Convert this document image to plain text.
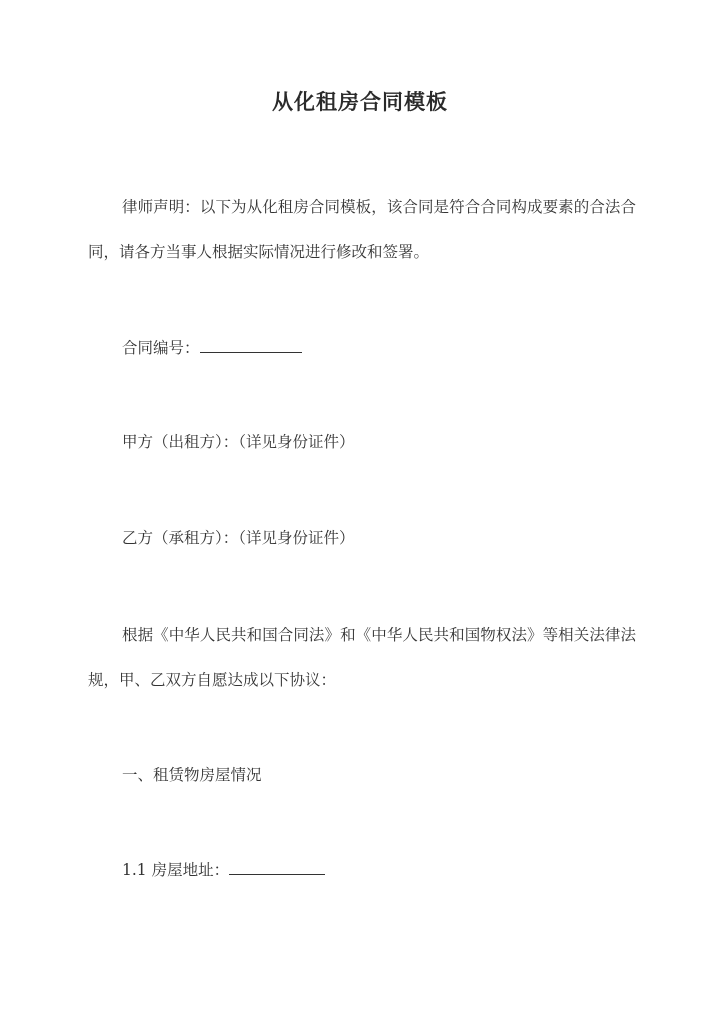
从化租房合同模板
律师声明：以下为从化租房合同模板，该合同是符合合同构成要素的合法合同，请各方当事人根据实际情况进行修改和签署。
合同编号：
甲方（出租方）：（详见身份证件）
乙方（承租方）：（详见身份证件）
根据《中华人民共和国合同法》和《中华人民共和国物权法》等相关法律法规，甲、乙双方自愿达成以下协议：
一、租赁物房屋情况
1.1 房屋地址：
